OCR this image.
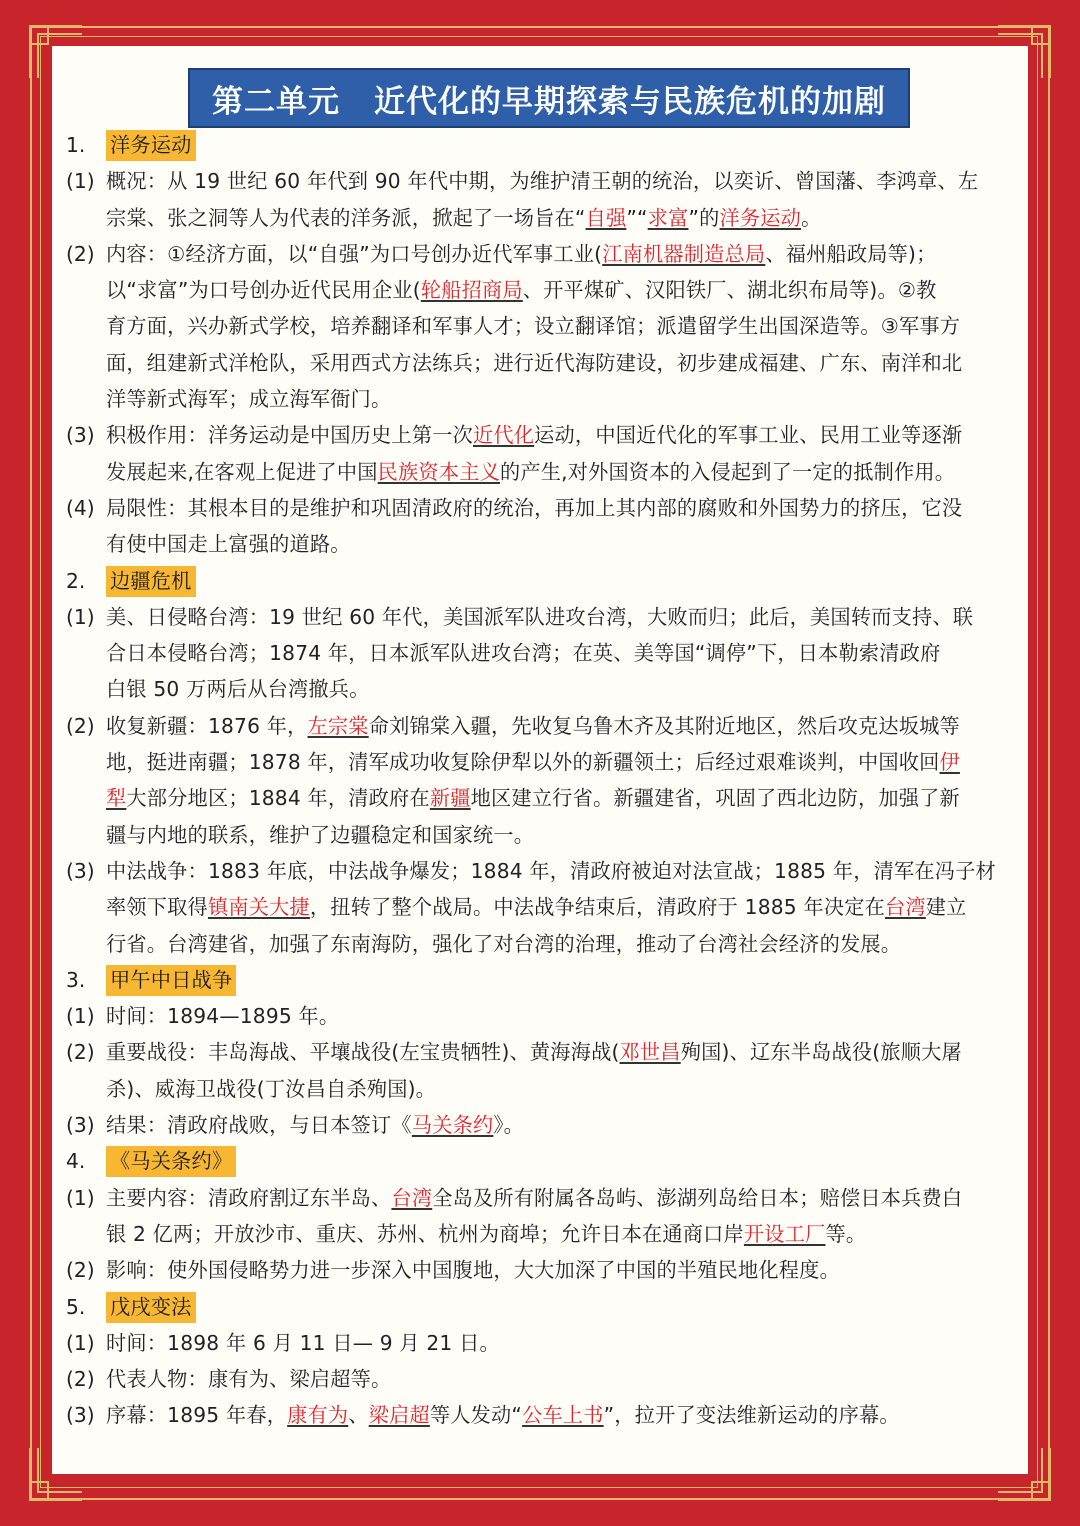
第二单元 近代化的早期探索与民族危机的加剧
1.	洋务运动
(1) 概况：从 19 世纪 60 年代到 90 年代中期，为维护清王朝的统治，以奕䜣、曾国藩、李鸿章、左
宗棠、张之洞等人为代表的洋务派，掀起了一场旨在“自强”“求富”的洋务运动。
(2) 内容：①经济方面，以“自强”为口号创办近代军事工业(江南机器制造总局、福州船政局等)；
以“求富”为口号创办近代民用企业(轮船招商局、开平煤矿、汉阳铁厂、湖北织布局等)。②教
育方面，兴办新式学校，培养翻译和军事人才；设立翻译馆；派遣留学生出国深造等。③军事方
面，组建新式洋枪队，采用西式方法练兵；进行近代海防建设，初步建成福建、广东、南洋和北
洋等新式海军；成立海军衙门。
(3) 积极作用：洋务运动是中国历史上第一次近代化运动，中国近代化的军事工业、民用工业等逐渐
发展起来,在客观上促进了中国民族资本主义的产生,对外国资本的入侵起到了一定的抵制作用。
(4) 局限性：其根本目的是维护和巩固清政府的统治，再加上其内部的腐败和外国势力的挤压，它没
有使中国走上富强的道路。
2.	边疆危机
(1) 美、日侵略台湾：19 世纪 60 年代，美国派军队进攻台湾，大败而归；此后，美国转而支持、联
合日本侵略台湾；1874 年，日本派军队进攻台湾；在英、美等国“调停”下，日本勒索清政府
白银 50 万两后从台湾撤兵。
(2) 收复新疆：1876 年，左宗棠命刘锦棠入疆，先收复乌鲁木齐及其附近地区，然后攻克达坂城等
地，挺进南疆；1878 年，清军成功收复除伊犁以外的新疆领土；后经过艰难谈判，中国收回伊
犁大部分地区；1884 年，清政府在新疆地区建立行省。新疆建省，巩固了西北边防，加强了新
疆与内地的联系，维护了边疆稳定和国家统一。
(3) 中法战争：1883 年底，中法战争爆发；1884 年，清政府被迫对法宣战；1885 年，清军在冯子材
率领下取得镇南关大捷，扭转了整个战局。中法战争结束后，清政府于 1885 年决定在台湾建立
行省。台湾建省，加强了东南海防，强化了对台湾的治理，推动了台湾社会经济的发展。
3.	甲午中日战争
(1) 时间：1894—1895 年。
(2) 重要战役：丰岛海战、平壤战役(左宝贵牺牲)、黄海海战(邓世昌殉国)、辽东半岛战役(旅顺大屠
杀)、威海卫战役(丁汝昌自杀殉国)。
(3) 结果：清政府战败，与日本签订《马关条约》。
4.	《马关条约》
(1) 主要内容：清政府割辽东半岛、台湾全岛及所有附属各岛屿、澎湖列岛给日本；赔偿日本兵费白
银 2 亿两；开放沙市、重庆、苏州、杭州为商埠；允许日本在通商口岸开设工厂等。
(2) 影响：使外国侵略势力进一步深入中国腹地，大大加深了中国的半殖民地化程度。
5.	戊戌变法
(1) 时间：1898 年 6 月 11 日— 9 月 21 日。
(2) 代表人物：康有为、梁启超等。
(3) 序幕：1895 年春，康有为、梁启超等人发动“公车上书”，拉开了变法维新运动的序幕。
